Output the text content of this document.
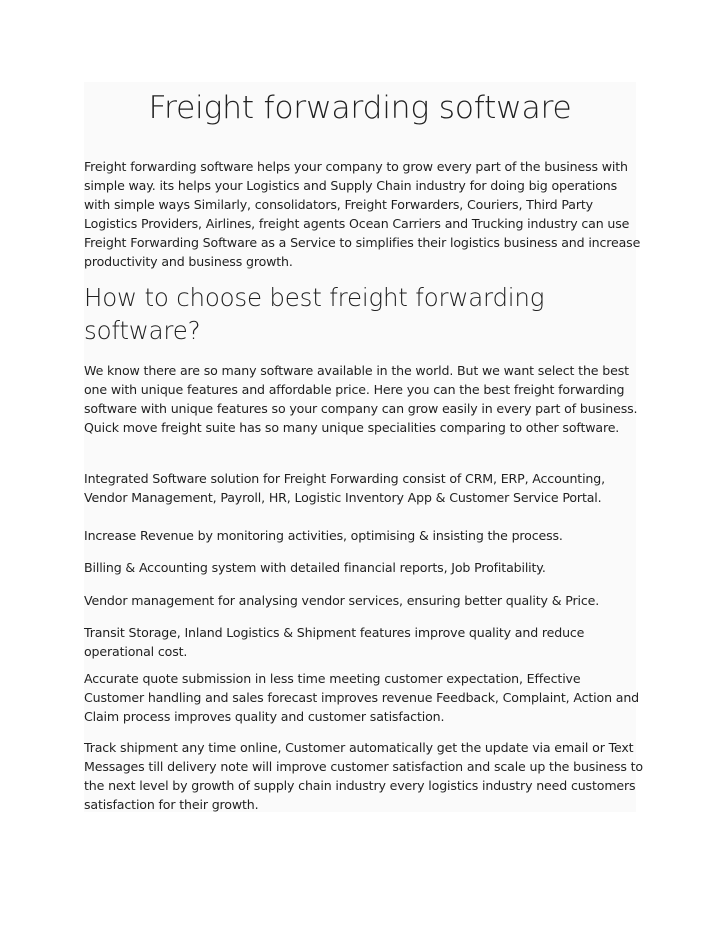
Freight forwarding software

Freight forwarding software helps your company to grow every part of the business with simple way. its helps your Logistics and Supply Chain industry for doing big operations with simple ways Similarly, consolidators, Freight Forwarders, Couriers, Third Party Logistics Providers, Airlines, freight agents Ocean Carriers and Trucking industry can use Freight Forwarding Software as a Service to simplifies their logistics business and increase productivity and business growth.

How to choose best freight forwarding software?

We know there are so many software available in the world. But we want select the best one with unique features and affordable price. Here you can the best freight forwarding software with unique features so your company can grow easily in every part of business. Quick move freight suite has so many unique specialities comparing to other software.

Integrated Software solution for Freight Forwarding consist of CRM, ERP, Accounting, Vendor Management, Payroll, HR, Logistic Inventory App & Customer Service Portal.

Increase Revenue by monitoring activities, optimising & insisting the process.

Billing & Accounting system with detailed financial reports, Job Profitability.

Vendor management for analysing vendor services, ensuring better quality & Price.

Transit Storage, Inland Logistics & Shipment features improve quality and reduce operational cost.

Accurate quote submission in less time meeting customer expectation, Effective Customer handling and sales forecast improves revenue Feedback, Complaint, Action and Claim process improves quality and customer satisfaction.

Track shipment any time online, Customer automatically get the update via email or Text Messages till delivery note will improve customer satisfaction and scale up the business to the next level by growth of supply chain industry every logistics industry need customers satisfaction for their growth.
